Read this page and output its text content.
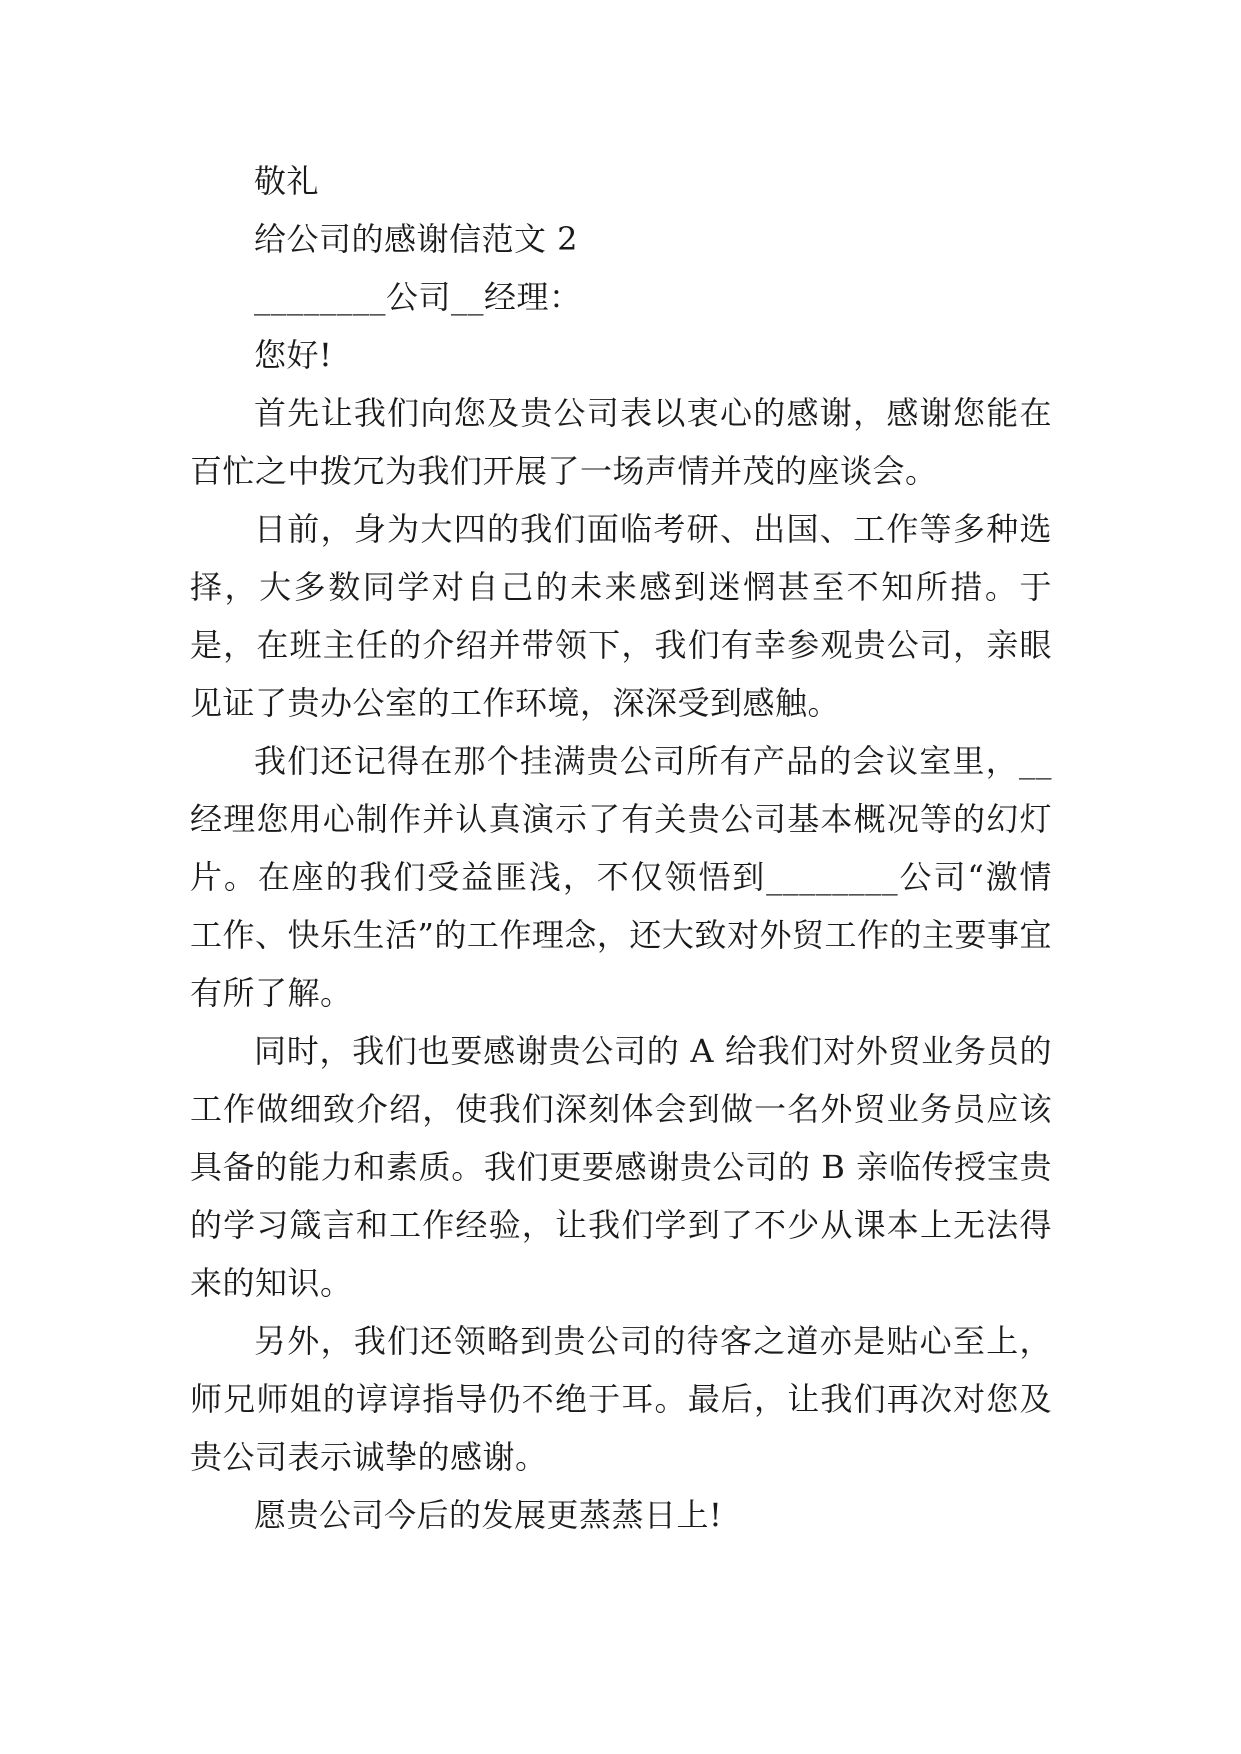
敬礼

给公司的感谢信范文 2

________公司__经理：

您好!

首先让我们向您及贵公司表以衷心的感谢，感谢您能在百忙之中拨冗为我们开展了一场声情并茂的座谈会。

日前，身为大四的我们面临考研、出国、工作等多种选择，大多数同学对自己的未来感到迷惘甚至不知所措。于是，在班主任的介绍并带领下，我们有幸参观贵公司，亲眼见证了贵办公室的工作环境，深深受到感触。

我们还记得在那个挂满贵公司所有产品的会议室里，__经理您用心制作并认真演示了有关贵公司基本概况等的幻灯片。在座的我们受益匪浅，不仅领悟到________公司“激情工作、快乐生活”的工作理念，还大致对外贸工作的主要事宜有所了解。

同时，我们也要感谢贵公司的 A 给我们对外贸业务员的工作做细致介绍，使我们深刻体会到做一名外贸业务员应该具备的能力和素质。我们更要感谢贵公司的 B 亲临传授宝贵的学习箴言和工作经验，让我们学到了不少从课本上无法得来的知识。

另外，我们还领略到贵公司的待客之道亦是贴心至上，师兄师姐的谆谆指导仍不绝于耳。最后，让我们再次对您及贵公司表示诚挚的感谢。

愿贵公司今后的发展更蒸蒸日上!
